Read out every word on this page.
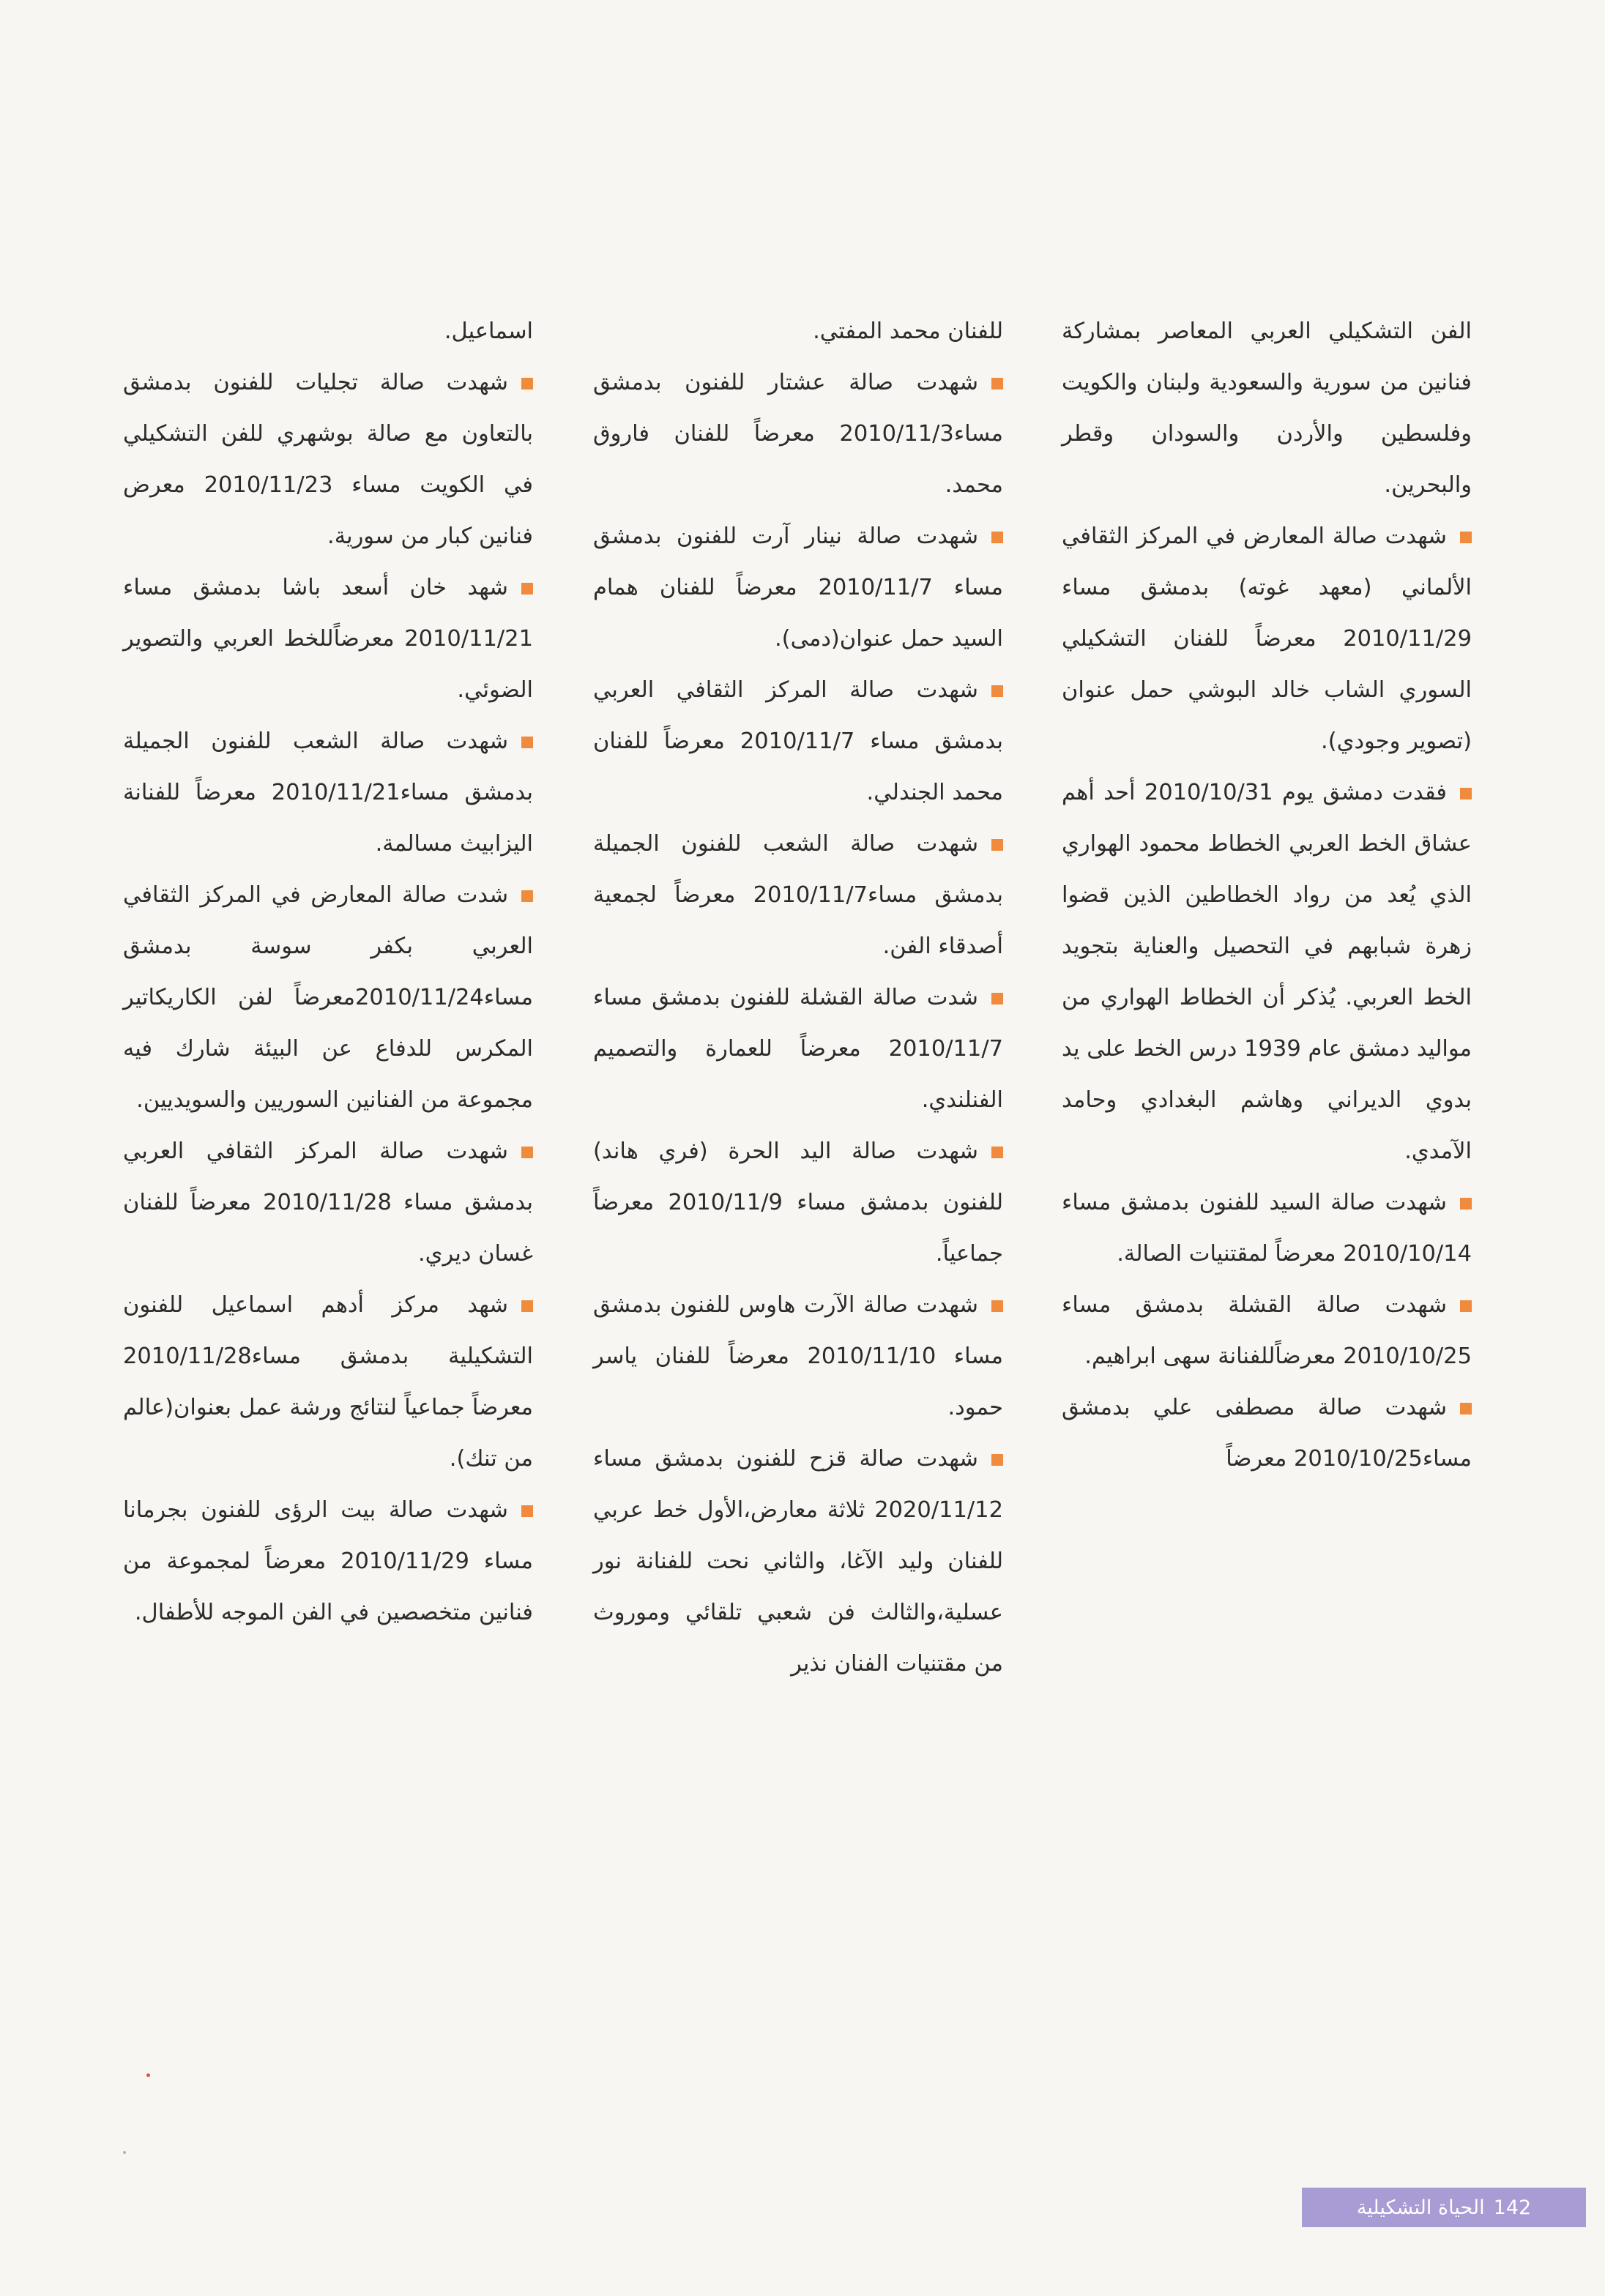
الفن التشكيلي العربي المعاصر بمشاركة فنانين من سورية والسعودية ولبنان والكويت وفلسطين والأردن والسودان وقطر والبحرين.

شهدت صالة المعارض في المركز الثقافي الألماني (معهد غوته) بدمشق مساء 2010/11/29 معرضاً للفنان التشكيلي السوري الشاب خالد البوشي حمل عنوان (تصوير وجودي).

فقدت دمشق يوم 2010/10/31 أحد أهم عشاق الخط العربي الخطاط محمود الهواري الذي يُعد من رواد الخطاطين الذين قضوا زهرة شبابهم في التحصيل والعناية بتجويد الخط العربي. يُذكر أن الخطاط الهواري من مواليد دمشق عام 1939 درس الخط على يد بدوي الديراني وهاشم البغدادي وحامد الآمدي.

شهدت صالة السيد للفنون بدمشق مساء 2010/10/14 معرضاً لمقتنيات الصالة.

شهدت صالة القشلة بدمشق مساء 2010/10/25 معرضاًللفنانة سهى ابراهيم.

شهدت صالة مصطفى علي بدمشق مساء2010/10/25 معرضاً

للفنان محمد المفتي.

شهدت صالة عشتار للفنون بدمشق مساء2010/11/3 معرضاً للفنان فاروق محمد.

شهدت صالة نينار آرت للفنون بدمشق مساء 2010/11/7 معرضاً للفنان همام السيد حمل عنوان(دمى).

شهدت صالة المركز الثقافي العربي بدمشق مساء 2010/11/7 معرضاً للفنان محمد الجندلي.

شهدت صالة الشعب للفنون الجميلة بدمشق مساء2010/11/7 معرضاً لجمعية أصدقاء الفن.

شدت صالة القشلة للفنون بدمشق مساء 2010/11/7 معرضاً للعمارة والتصميم الفنلندي.

شهدت صالة اليد الحرة (فري هاند) للفنون بدمشق مساء 2010/11/9 معرضاً جماعياً.

شهدت صالة الآرت هاوس للفنون بدمشق مساء 2010/11/10 معرضاً للفنان ياسر حمود.

شهدت صالة قزح للفنون بدمشق مساء 2020/11/12 ثلاثة معارض،الأول خط عربي للفنان وليد الآغا، والثاني نحت للفنانة نور عسلية،والثالث فن شعبي تلقائي وموروث من مقتنيات الفنان نذير

اسماعيل.

شهدت صالة تجليات للفنون بدمشق بالتعاون مع صالة بوشهري للفن التشكيلي في الكويت مساء 2010/11/23 معرض فنانين كبار من سورية.

شهد خان أسعد باشا بدمشق مساء 2010/11/21 معرضاًللخط العربي والتصوير الضوئي.

شهدت صالة الشعب للفنون الجميلة بدمشق مساء2010/11/21 معرضاً للفنانة اليزابيث مسالمة.

شدت صالة المعارض في المركز الثقافي العربي بكفر سوسة بدمشق مساء2010/11/24معرضاً لفن الكاريكاتير المكرس للدفاع عن البيئة شارك فيه مجموعة من الفنانين السوريين والسويديين.

شهدت صالة المركز الثقافي العربي بدمشق مساء 2010/11/28 معرضاً للفنان غسان ديري.

شهد مركز أدهم اسماعيل للفنون التشكيلية بدمشق مساء2010/11/28 معرضاً جماعياً لنتائج ورشة عمل بعنوان(عالم من تنك).

شهدت صالة بيت الرؤى للفنون بجرمانا مساء 2010/11/29 معرضاً لمجموعة من فنانين متخصصين في الفن الموجه للأطفال.

142
الحياة التشكيلية
